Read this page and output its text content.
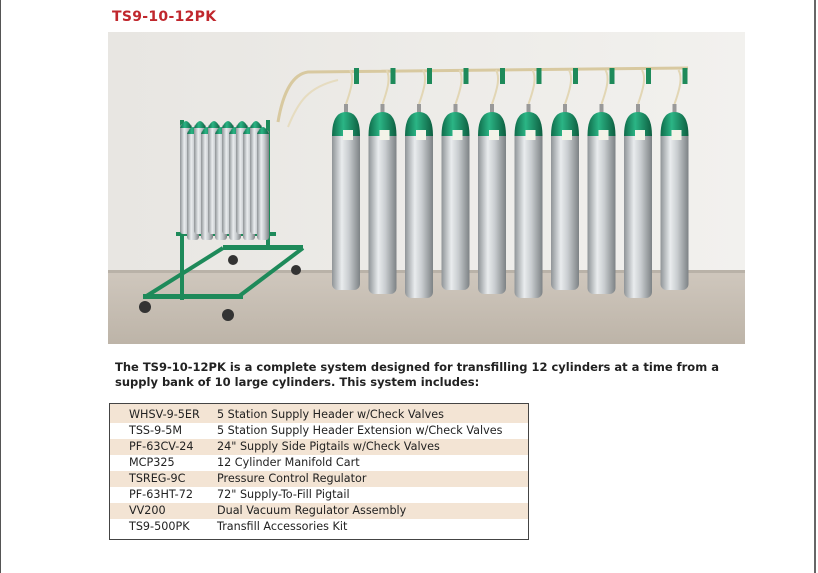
TS9-10-12PK

The TS9-10-12PK is a complete system designed for transfilling 12 cylinders at a time from a supply bank of 10 large cylinders. This system includes:

WHSV-9-5ER	5 Station Supply Header w/Check Valves
TSS-9-5M	5 Station Supply Header Extension w/Check Valves
PF-63CV-24	24" Supply Side Pigtails w/Check Valves
MCP325	12 Cylinder Manifold Cart
TSREG-9C	Pressure Control Regulator
PF-63HT-72	72" Supply-To-Fill Pigtail
VV200	Dual Vacuum Regulator Assembly
TS9-500PK	Transfill Accessories Kit
